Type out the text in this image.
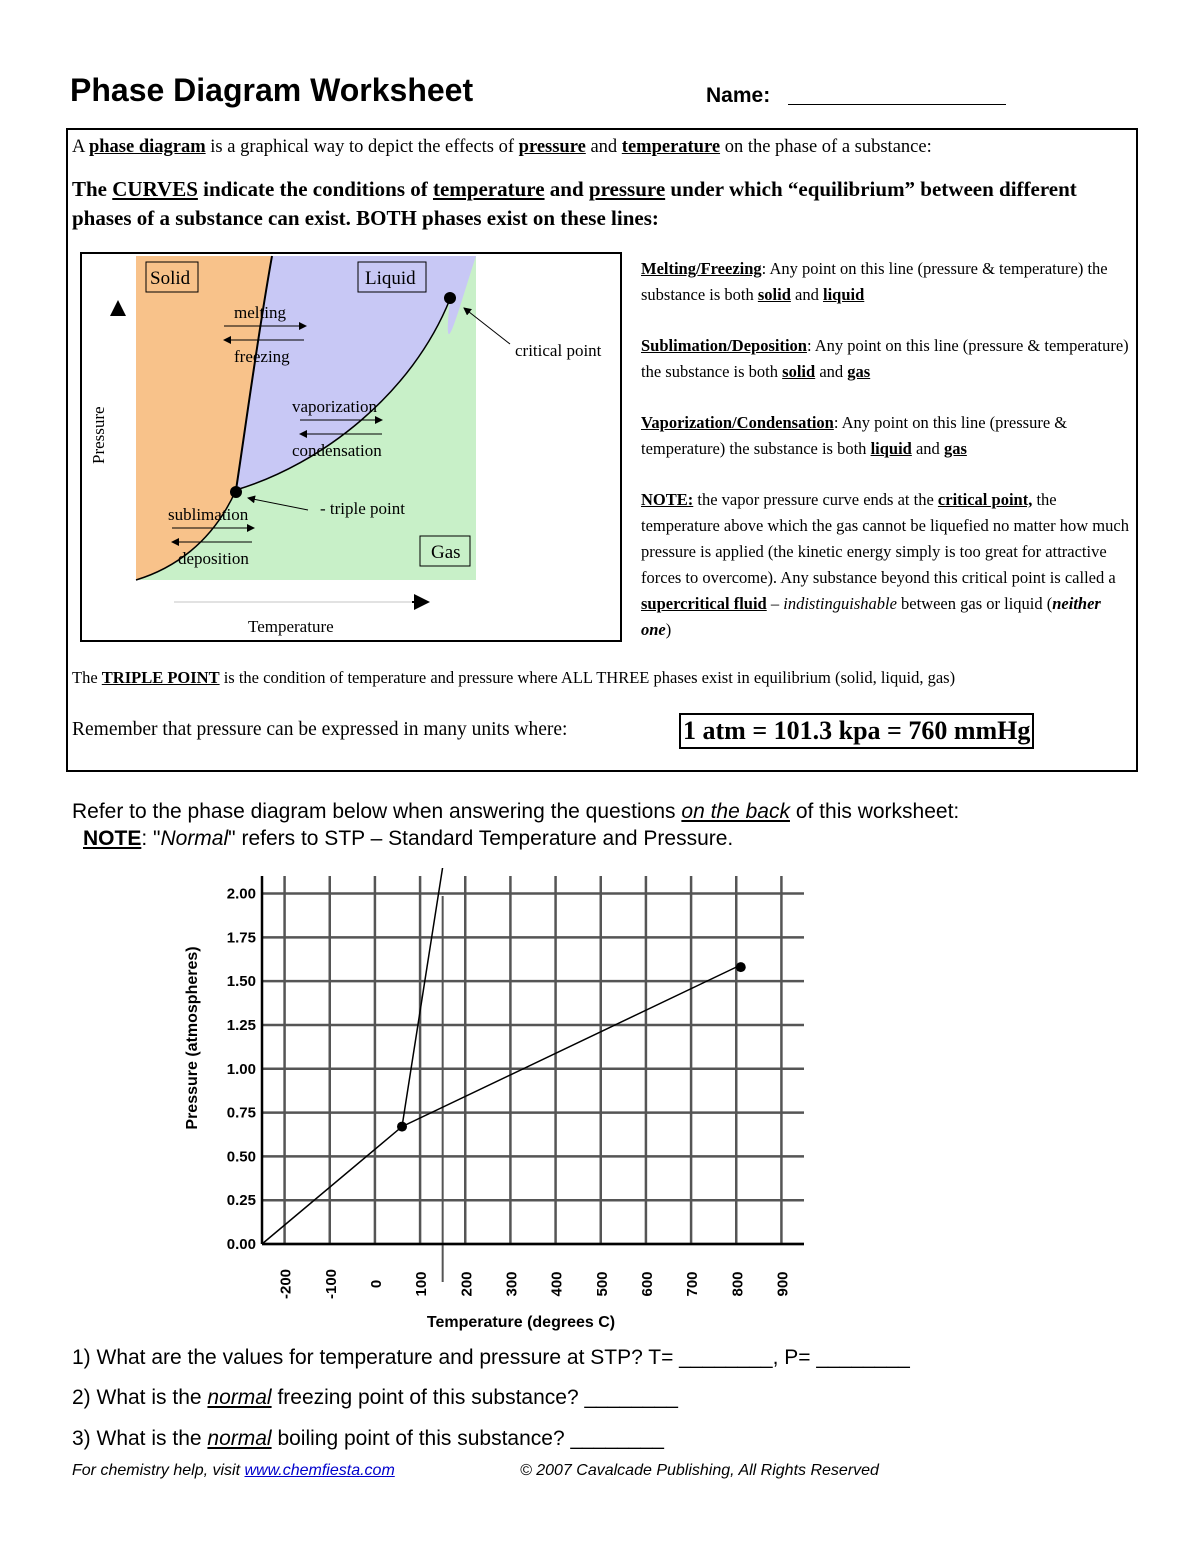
Phase Diagram Worksheet	Name:
A phase diagram is a graphical way to depict the effects of pressure and temperature on the phase of a substance:
The CURVES indicate the conditions of temperature and pressure under which “equilibrium” between different phases of a substance can exist. BOTH phases exist on these lines:
Solid	Liquid
Gas
melting
freezing
vaporization
condensation
sublimation
deposition
critical point
- triple point
Pressure
Temperature

Melting/Freezing: Any point on this line (pressure & temperature) the substance is both solid and liquid

Sublimation/Deposition: Any point on this line (pressure & temperature) the substance is both solid and gas

Vaporization/Condensation: Any point on this line (pressure & temperature) the substance is both liquid and gas

NOTE: the vapor pressure curve ends at the critical point, the temperature above which the gas cannot be liquefied no matter how much pressure is applied (the kinetic energy simply is too great for attractive forces to overcome). Any substance beyond this critical point is called a supercritical fluid – indistinguishable between gas or liquid (neither one)

The TRIPLE POINT is the condition of temperature and pressure where ALL THREE phases exist in equilibrium (solid, liquid, gas)
Remember that pressure can be expressed in many units where:	1 atm = 101.3 kpa = 760 mmHg
Refer to the phase diagram below when answering the questions on the back of this worksheet:
NOTE: "Normal" refers to STP – Standard Temperature and Pressure.
-200 -100 0 100 200 300 400 500 600 700 800 900
0.00
0.25
0.50
0.75
1.00
1.25
1.50
1.75
2.00
Pressure (atmospheres)
Temperature (degrees C)
1) What are the values for temperature and pressure at STP? T= ________, P= ________
2) What is the normal freezing point of this substance? ________
3) What is the normal boiling point of this substance? ________
For chemistry help, visit www.chemfiesta.com	© 2007 Cavalcade Publishing, All Rights Reserved
